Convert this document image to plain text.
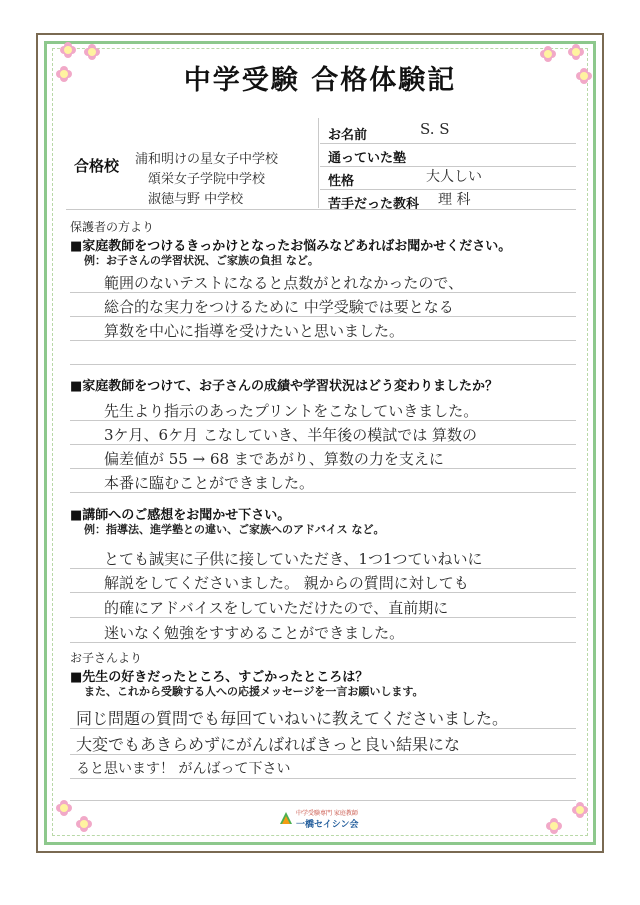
中学受験 合格体験記
合格校 浦和明けの星女子中学校
頌栄女子学院中学校
淑徳与野 中学校
お名前	S. S
通っていた塾
性格	大人しい
苦手だった教科 理 科
保護者の方より
■家庭教師をつけるきっかけとなったお悩みなどあればお聞かせください。
例：お子さんの学習状況、ご家族の負担 など。
範囲のないテストになると点数がとれなかったので、
総合的な実力をつけるために 中学受験では要となる
算数を中心に指導を受けたいと思いました。
■家庭教師をつけて、お子さんの成績や学習状況はどう変わりましたか？
先生より指示のあったプリントをこなしていきました。
3ケ月、6ケ月 こなしていき、半年後の模試では 算数の
偏差値が 55 → 68 まであがり、算数の力を支えに
本番に臨むことができました。
■講師へのご感想をお聞かせ下さい。
例：指導法、進学塾との違い、ご家族へのアドバイス など。
とても誠実に子供に接していただき、1つ1つていねいに
解説をしてくださいました。 親からの質問に対しても
的確にアドバイスをしていただけたので、直前期に
迷いなく勉強をすすめることができました。
お子さんより
■先生の好きだったところ、すごかったところは？
また、これから受験する人への応援メッセージを一言お願いします。
同じ問題の質問でも毎回ていねいに教えてくださいました。
大変でもあきらめずにがんばればきっと良い結果にな
ると思います！ がんばって下さい
中学受験専門 家庭教師
一橋セイシン会
